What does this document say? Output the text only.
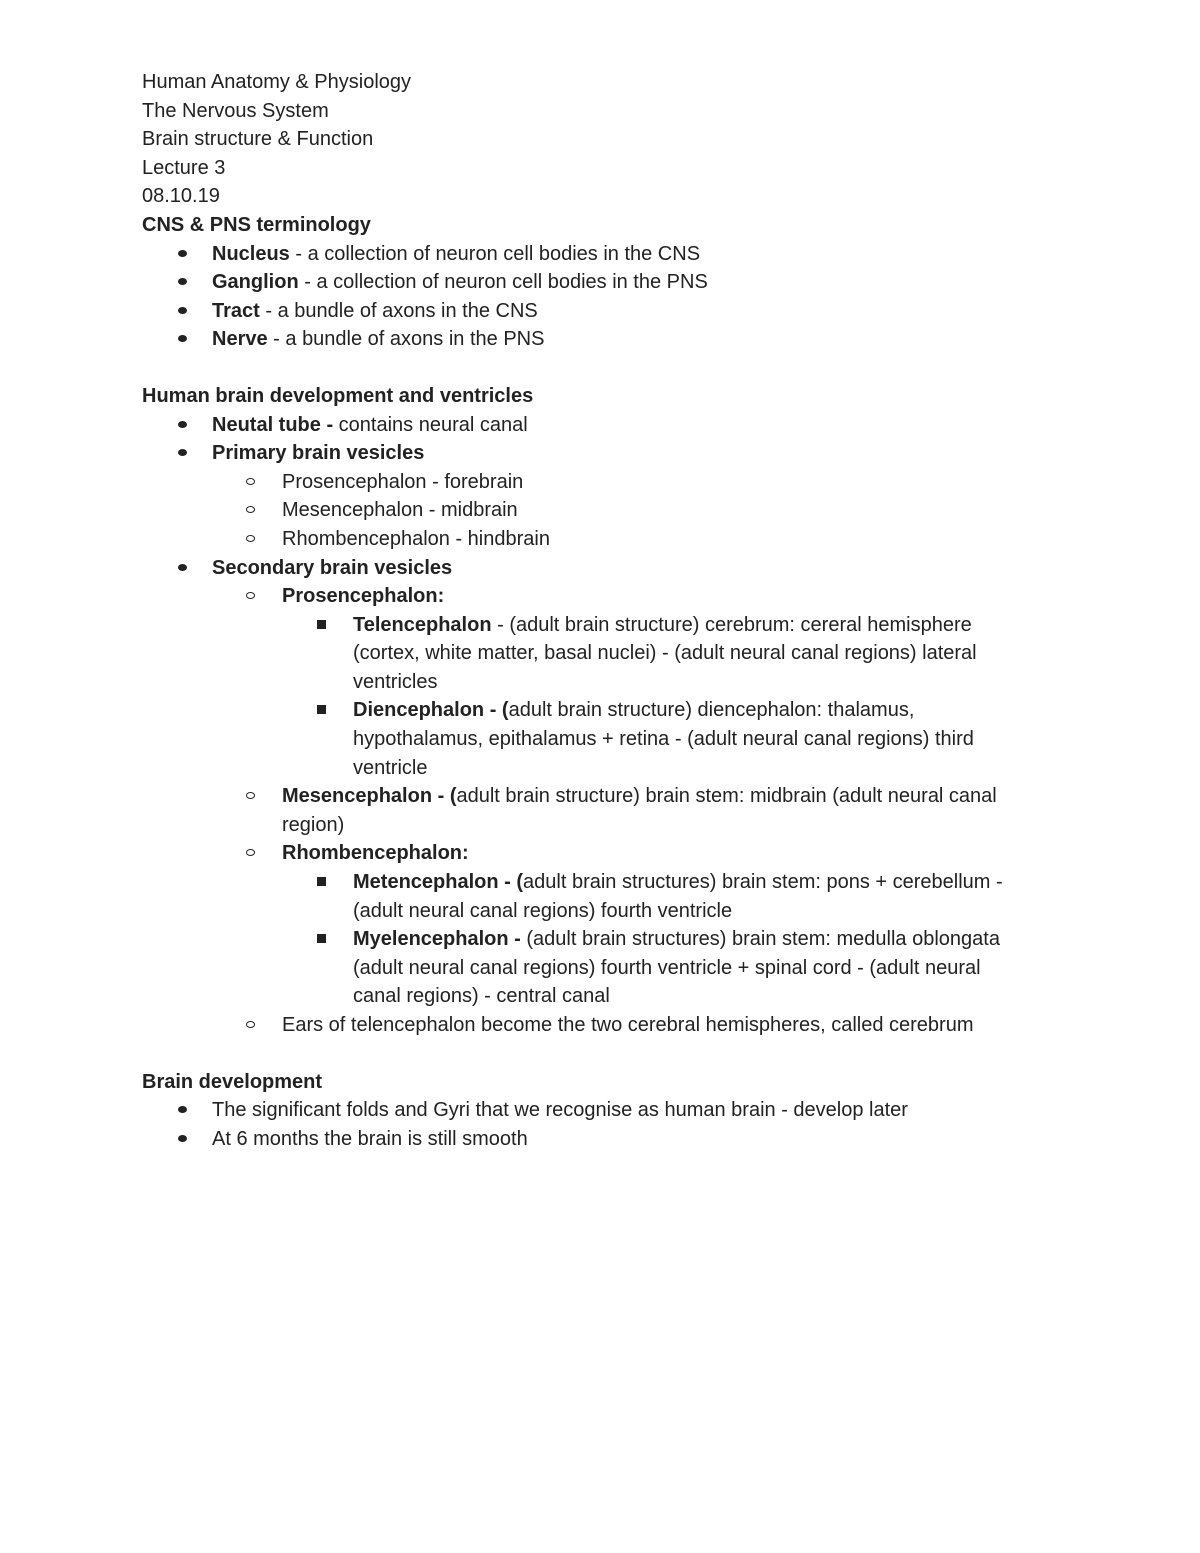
Human Anatomy & Physiology

The Nervous System

Brain structure & Function

Lecture 3

08.10.19

CNS & PNS terminology

Nucleus - a collection of neuron cell bodies in the CNS
Ganglion - a collection of neuron cell bodies in the PNS
Tract - a bundle of axons in the CNS
Nerve - a bundle of axons in the PNS

Human brain development and ventricles

Neutal tube - contains neural canal
Primary brain vesicles
Prosencephalon - forebrain
Mesencephalon - midbrain
Rhombencephalon - hindbrain
Secondary brain vesicles
Prosencephalon:
Telencephalon - (adult brain structure) cerebrum: cereral hemisphere
(cortex, white matter, basal nuclei) - (adult neural canal regions) lateral
ventricles
Diencephalon - (adult brain structure) diencephalon: thalamus,
hypothalamus, epithalamus + retina - (adult neural canal regions) third
ventricle
Mesencephalon - (adult brain structure) brain stem: midbrain (adult neural canal
region)
Rhombencephalon:
Metencephalon - (adult brain structures) brain stem: pons + cerebellum -
(adult neural canal regions) fourth ventricle
Myelencephalon - (adult brain structures) brain stem: medulla oblongata
(adult neural canal regions) fourth ventricle + spinal cord - (adult neural
canal regions) - central canal
Ears of telencephalon become the two cerebral hemispheres, called cerebrum

Brain development

The significant folds and Gyri that we recognise as human brain - develop later
At 6 months the brain is still smooth
